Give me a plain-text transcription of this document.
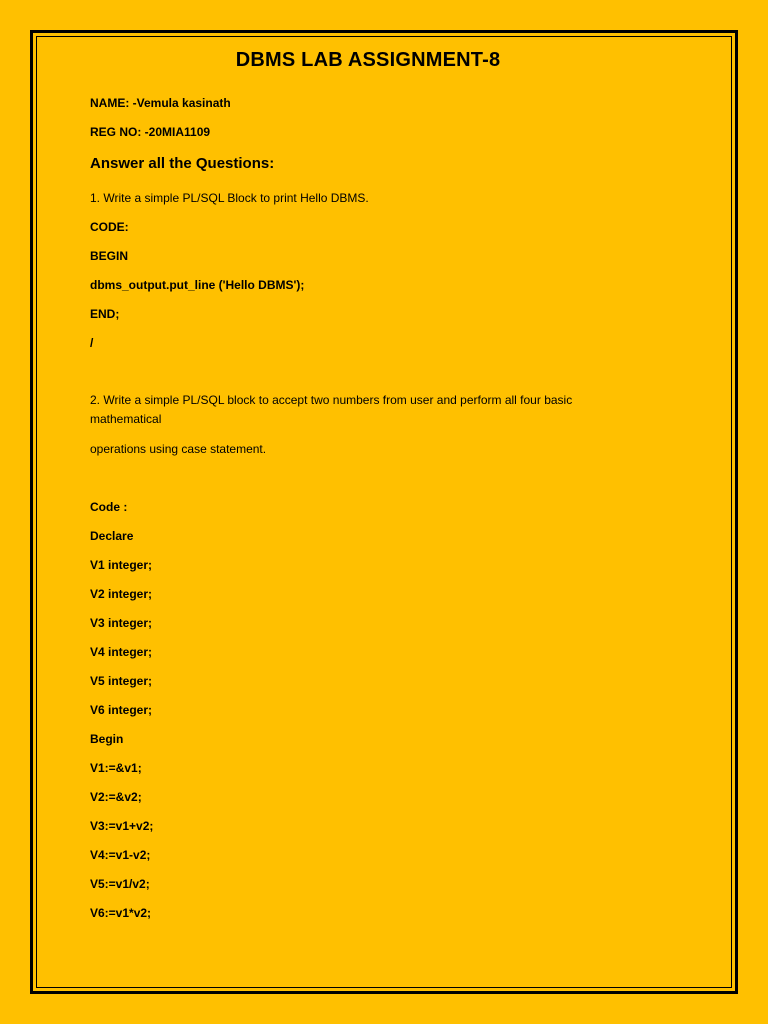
DBMS LAB ASSIGNMENT-8
NAME: -Vemula kasinath
REG NO: -20MIA1109
Answer all the Questions:
1. Write a simple PL/SQL Block to print Hello DBMS.
CODE:
BEGIN
dbms_output.put_line ('Hello DBMS');
END;
/
2. Write a simple PL/SQL block to accept two numbers from user and perform all four basic mathematical
operations using case statement.
Code :
Declare
V1 integer;
V2 integer;
V3 integer;
V4 integer;
V5 integer;
V6 integer;
Begin
V1:=&v1;
V2:=&v2;
V3:=v1+v2;
V4:=v1-v2;
V5:=v1/v2;
V6:=v1*v2;
